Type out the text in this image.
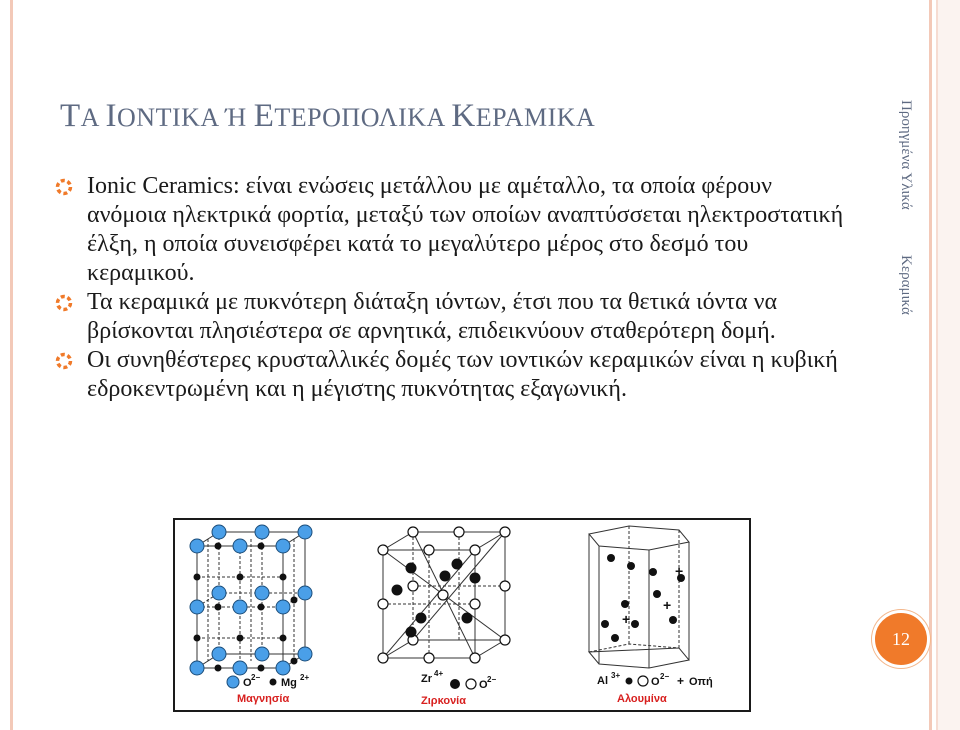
ΤΑ ΙΟΝΤΙΚΑ Ή ΕΤΕΡΟΠΟΛΙΚΑ ΚΕΡΑΜΙΚΑ
Ionic Ceramics: είναι ενώσεις μετάλλου με αμέταλλο, τα οποία φέρουν ανόμοια ηλεκτρικά φορτία, μεταξύ των οποίων αναπτύσσεται ηλεκτροστατική έλξη, η οποία συνεισφέρει κατά το μεγαλύτερο μέρος στο δεσμό του κεραμικού.
Τα κεραμικά με πυκνότερη διάταξη ιόντων, έτσι που τα θετικά ιόντα να βρίσκονται πλησιέστερα σε αρνητικά, επιδεικνύουν σταθερότερη δομή.
Οι συνηθέστερες κρυσταλλικές δομές των ιοντικών κεραμικών είναι η κυβική εδροκεντρωμένη και η μέγιστης πυκνότητας εξαγωνική.
Προηγμένα Υλικά
Κεραμικά
12
+
+
+
O 2− Mg 2+
Μαγνησία
Zr 4+
O 2−
Ζιρκονία
Al 3+
O 2− + Οπή
Αλουμίνα
